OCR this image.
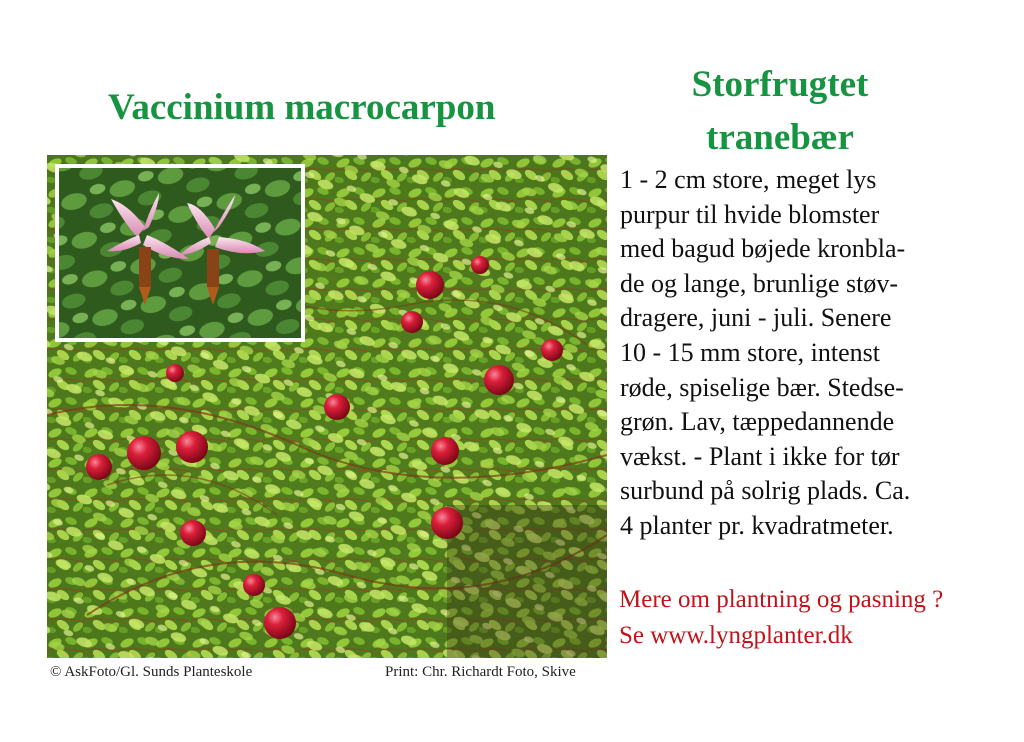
Vaccinium macrocarpon
Storfrugtet
tranebær
© AskFoto/Gl. Sunds Planteskole	Print: Chr. Richardt Foto, Skive
1 - 2 cm store, meget lys
purpur til hvide blomster
med bagud bøjede kronbla-
de og lange, brunlige støv-
dragere, juni - juli. Senere
10 - 15 mm store, intenst
røde, spiselige bær. Stedse-
grøn. Lav, tæppedannende
vækst. - Plant i ikke for tør
surbund på solrig plads. Ca.
4 planter pr. kvadratmeter.
Mere om plantning og pasning ?
Se www.lyngplanter.dk
